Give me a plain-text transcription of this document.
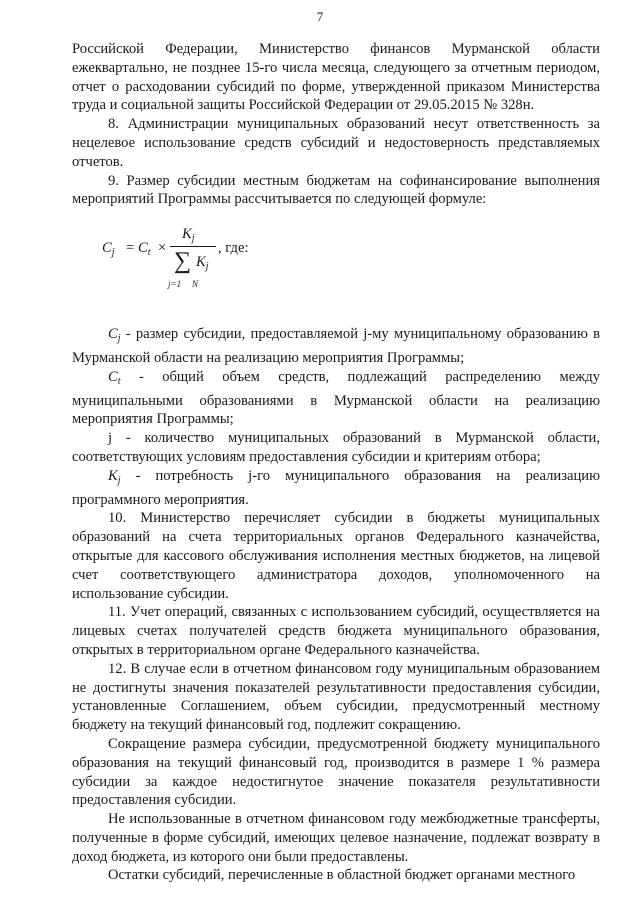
7

Российской Федерации, Министерство финансов Мурманской области ежеквартально, не позднее 15-го числа месяца, следующего за отчетным периодом, отчет о расходовании субсидий по форме, утвержденной приказом Министерства труда и социальной защиты Российской Федерации от 29.05.2015 № 328н.

8. Администрации муниципальных образований несут ответственность за нецелевое использование средств субсидий и недостоверность представляемых отчетов.

9. Размер субсидии местным бюджетам на софинансирование выполнения мероприятий Программы рассчитывается по следующей формуле:

$C_j = C_t$ ×
$K_j$
∑ $K_j$
j=1 N
, где:

$C_j$ - размер субсидии, предоставляемой j-му муниципальному образованию в Мурманской области на реализацию мероприятия Программы;

$C_t$ - общий объем средств, подлежащий распределению между муниципальными образованиями в Мурманской области на реализацию мероприятия Программы;

j - количество муниципальных образований в Мурманской области, соответствующих условиям предоставления субсидии и критериям отбора;

$K_j$ - потребность j-го муниципального образования на реализацию программного мероприятия.

10. Министерство перечисляет субсидии в бюджеты муниципальных образований на счета территориальных органов Федерального казначейства, открытые для кассового обслуживания исполнения местных бюджетов, на лицевой счет соответствующего администратора доходов, уполномоченного на использование субсидии.

11. Учет операций, связанных с использованием субсидий, осуществляется на лицевых счетах получателей средств бюджета муниципального образования, открытых в территориальном органе Федерального казначейства.

12. В случае если в отчетном финансовом году муниципальным образованием не достигнуты значения показателей результативности предоставления субсидии, установленные Соглашением, объем субсидии, предусмотренный местному бюджету на текущий финансовый год, подлежит сокращению.

Сокращение размера субсидии, предусмотренной бюджету муниципального образования на текущий финансовый год, производится в размере 1 % размера субсидии за каждое недостигнутое значение показателя результативности предоставления субсидии.

Не использованные в отчетном финансовом году межбюджетные трансферты, полученные в форме субсидий, имеющих целевое назначение, подлежат возврату в доход бюджета, из которого они были предоставлены.

Остатки субсидий, перечисленные в областной бюджет органами местного
